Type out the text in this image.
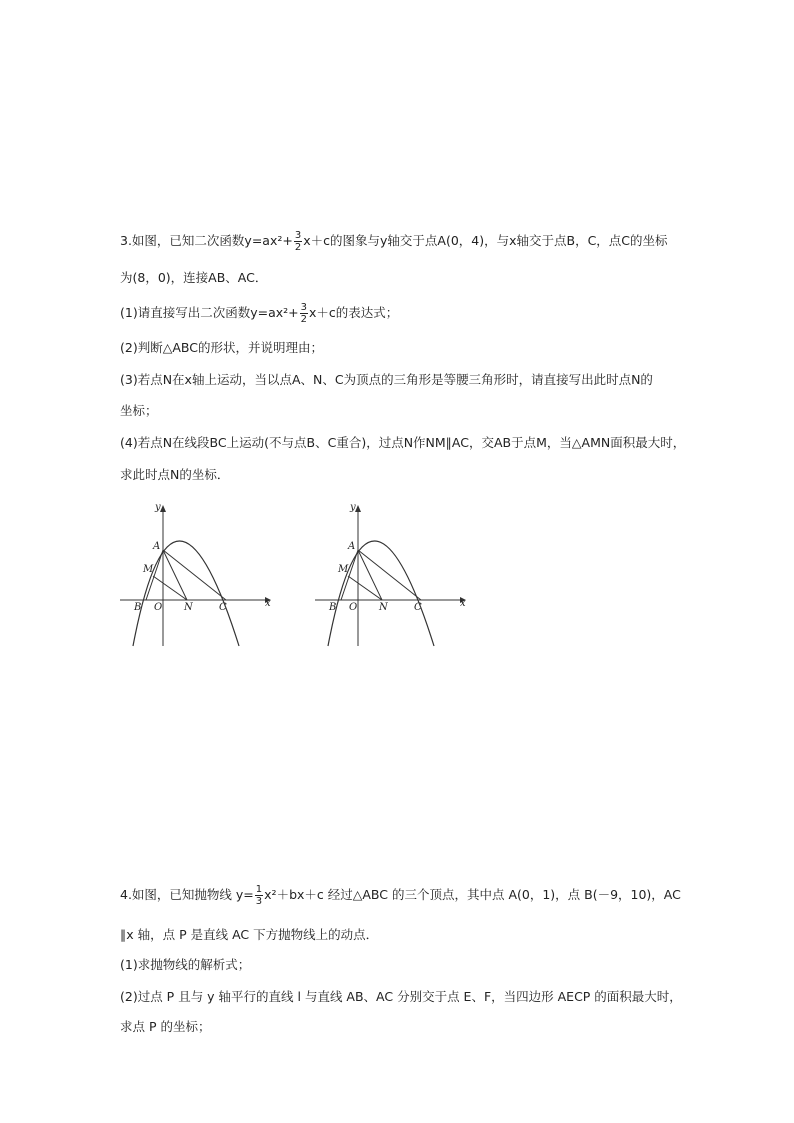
3.如图，已知二次函数$y=ax^2+ \frac{3}{2} x+c$的图象与y轴交于点A(0，4)，与x轴交于点B，C，点C的坐标
为(8，0)，连接AB、AC．
(1)请直接写出二次函数$y=ax^2+ \frac{3}{2} x+c$的表达式；
(2)判断△ABC的形状，并说明理由；
(3)若点N在x轴上运动，当以点A、N、C为顶点的三角形是等腰三角形时，请直接写出此时点N的
坐标；
(4)若点N在线段BC上运动(不与点B、C重合)，过点N作NM∥AC，交AB于点M，当△AMN面积最大时，
求此时点N的坐标．
y
x
A
M
B O N	C
y
x
A
M
B O N	C
4.如图，已知抛物线 $y= \frac{1}{3} x^2+bx+c$ 经过△ABC 的三个顶点，其中点 A(0，1)，点 B(－9，10)，AC
∥x 轴，点 P 是直线 AC 下方抛物线上的动点．
(1)求抛物线的解析式；
(2)过点 P 且与 y 轴平行的直线 l 与直线 AB、AC 分别交于点 E、F，当四边形 AECP 的面积最大时，
求点 P 的坐标；
